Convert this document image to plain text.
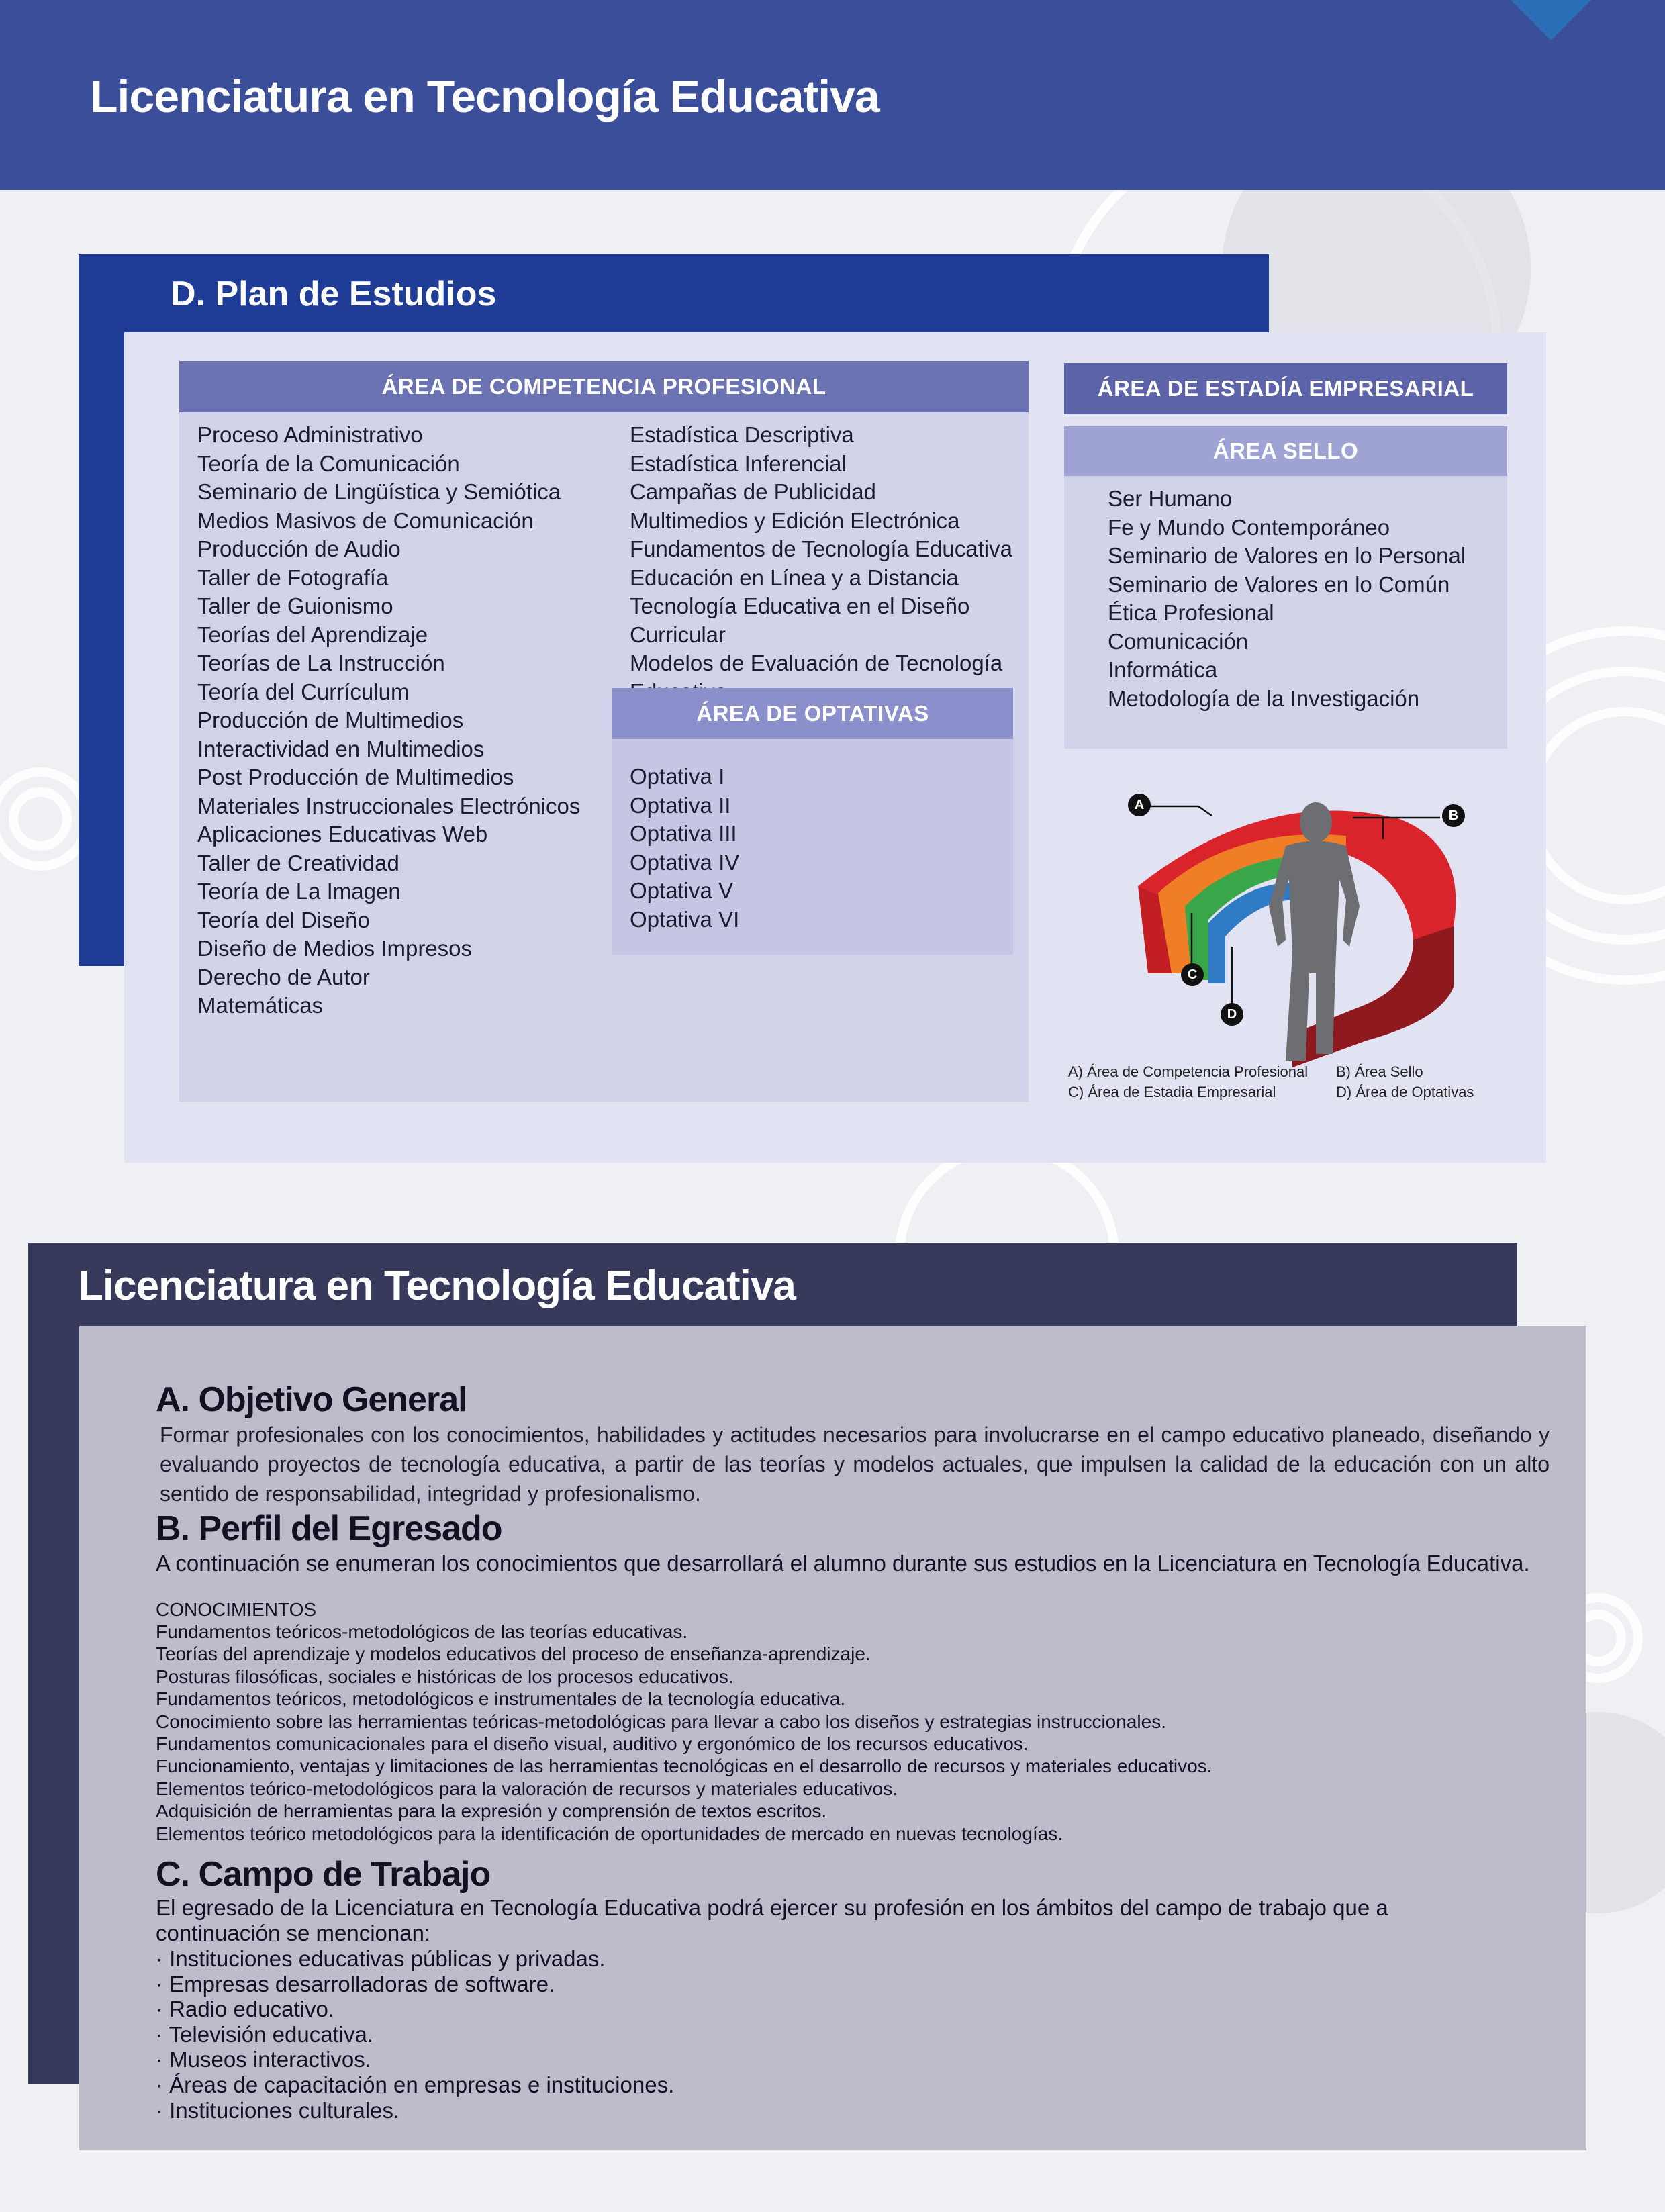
Licenciatura en Tecnología Educativa
D. Plan de Estudios
ÁREA DE COMPETENCIA PROFESIONAL
Proceso Administrativo
Teoría de la Comunicación
Seminario de Lingüística y Semiótica
Medios Masivos de Comunicación
Producción de Audio
Taller de Fotografía
Taller de Guionismo
Teorías del Aprendizaje
Teorías de La Instrucción
Teoría del Currículum
Producción de Multimedios
Interactividad en Multimedios
Post Producción de Multimedios
Materiales Instruccionales Electrónicos
Aplicaciones Educativas Web
Taller de Creatividad
Teoría de La Imagen
Teoría del Diseño
Diseño de Medios Impresos
Derecho de Autor
Matemáticas
Estadística Descriptiva
Estadística Inferencial
Campañas de Publicidad
Multimedios y Edición Electrónica
Fundamentos de Tecnología Educativa
Educación en Línea y a Distancia
Tecnología Educativa en el Diseño Curricular
Modelos de Evaluación de Tecnología
ÁREA DE OPTATIVAS
Optativa I
Optativa II
Optativa III
Optativa IV
Optativa V
Optativa VI
ÁREA DE ESTADÍA EMPRESARIAL
ÁREA SELLO
Ser Humano
Fe y Mundo Contemporáneo
Seminario de Valores en lo Personal
Seminario de Valores en lo Común
Ética Profesional
Comunicación
Informática
Metodología de la Investigación
A
B
C
D
A) Área de Competencia Profesional
C) Área de Estadia Empresarial
B) Área Sello
D) Área de Optativas
Licenciatura en Tecnología Educativa
A. Objetivo General

Formar profesionales con los conocimientos, habilidades y actitudes necesarios para involucrarse en el campo educativo planeado, diseñando y evaluando proyectos de tecnología educativa, a partir de las teorías y modelos actuales, que impulsen la calidad de la educación con un alto sentido de responsabilidad, integridad y profesionalismo.

B. Perfil del Egresado

A continuación se enumeran los conocimientos que desarrollará el alumno durante sus estudios en la Licenciatura en Tecnología Educativa.

CONOCIMIENTOS
Fundamentos teóricos-metodológicos de las teorías educativas.
Teorías del aprendizaje y modelos educativos del proceso de enseñanza-aprendizaje.
Posturas filosóficas, sociales e históricas de los procesos educativos.
Fundamentos teóricos, metodológicos e instrumentales de la tecnología educativa.
Conocimiento sobre las herramientas teóricas-metodológicas para llevar a cabo los diseños y estrategias instruccionales.
Fundamentos comunicacionales para el diseño visual, auditivo y ergonómico de los recursos educativos.
Funcionamiento, ventajas y limitaciones de las herramientas tecnológicas en el desarrollo de recursos y materiales educativos.
Elementos teórico-metodológicos para la valoración de recursos y materiales educativos.
Adquisición de herramientas para la expresión y comprensión de textos escritos.
Elementos teórico metodológicos para la identificación de oportunidades de mercado en nuevas tecnologías.
C. Campo de Trabajo

El egresado de la Licenciatura en Tecnología Educativa podrá ejercer su profesión en los ámbitos del campo de trabajo que a continuación se mencionan:

· Instituciones educativas públicas y privadas.
· Empresas desarrolladoras de software.
· Radio educativo.
· Televisión educativa.
· Museos interactivos.
· Áreas de capacitación en empresas e instituciones.
· Instituciones culturales.
